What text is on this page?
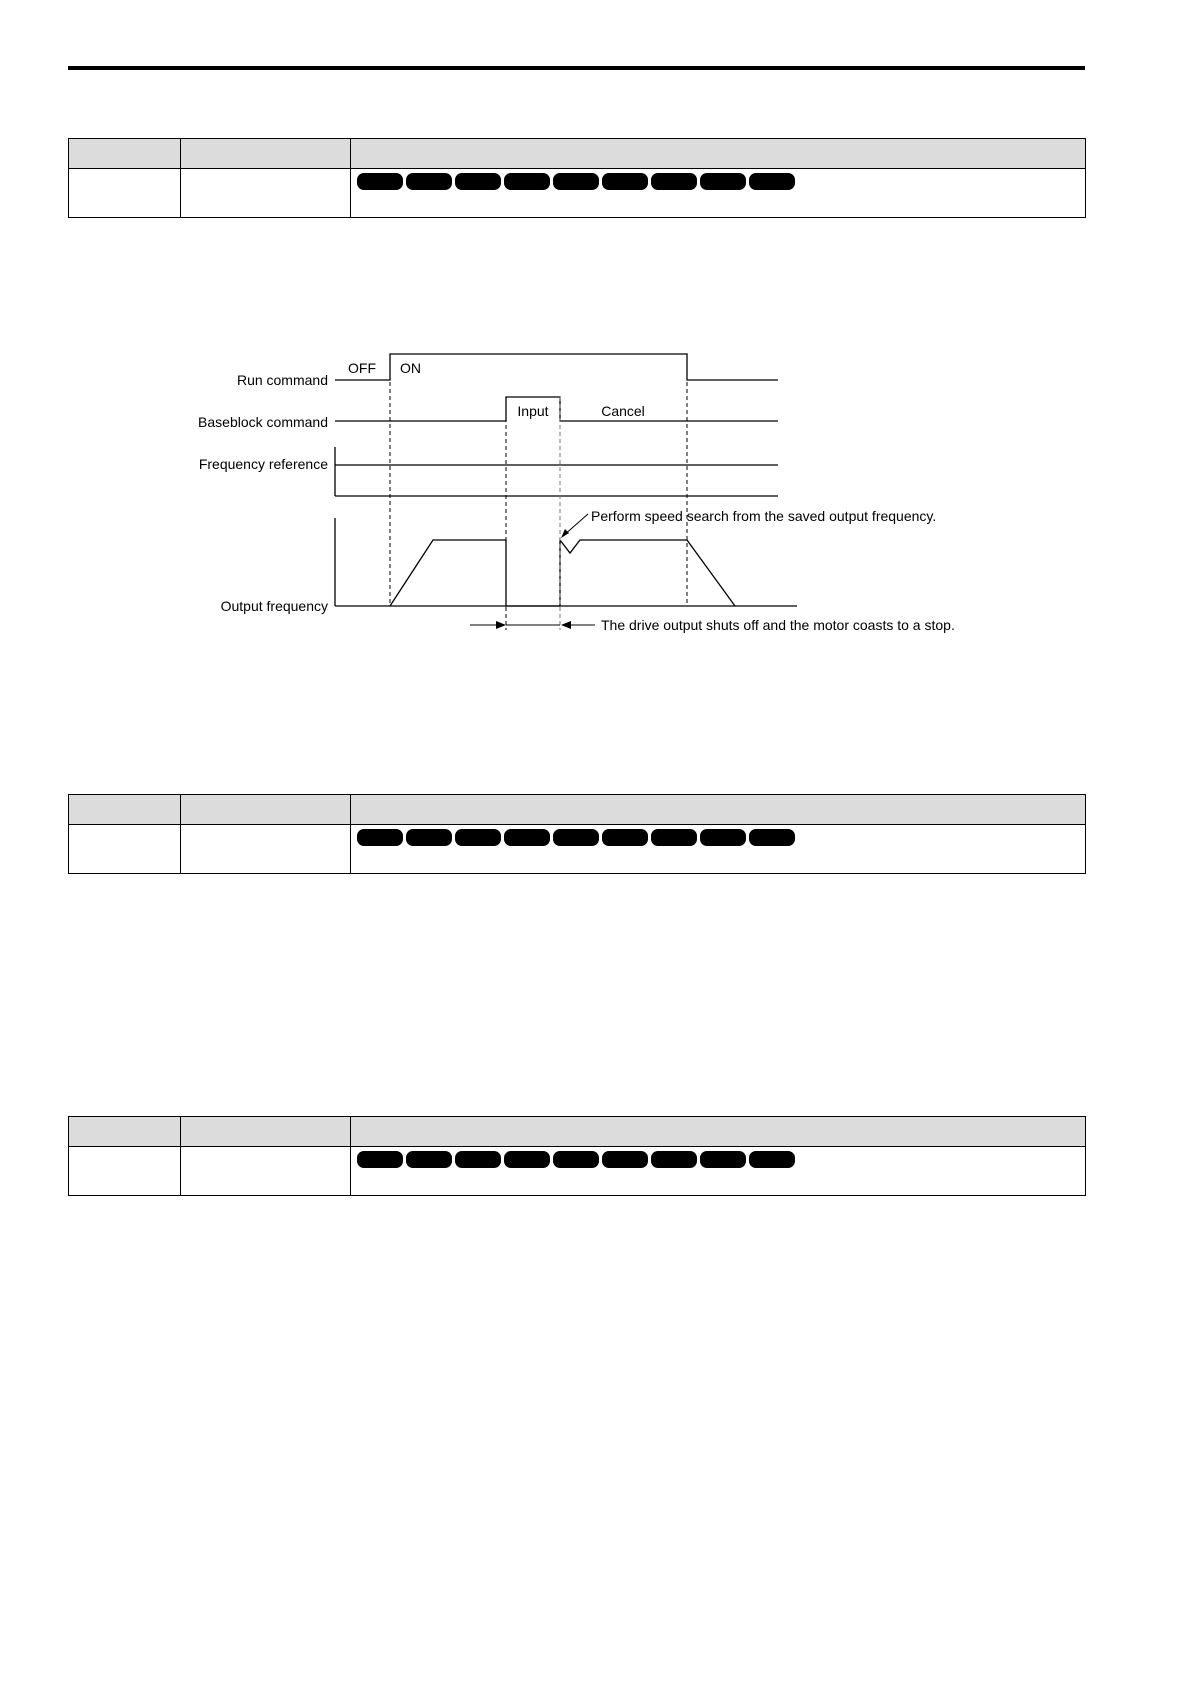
Run command
Baseblock command
Frequency reference
Output frequency
OFF ON
Input	Cancel
Perform speed search from the saved output frequency.
The drive output shuts off and the motor coasts to a stop.
